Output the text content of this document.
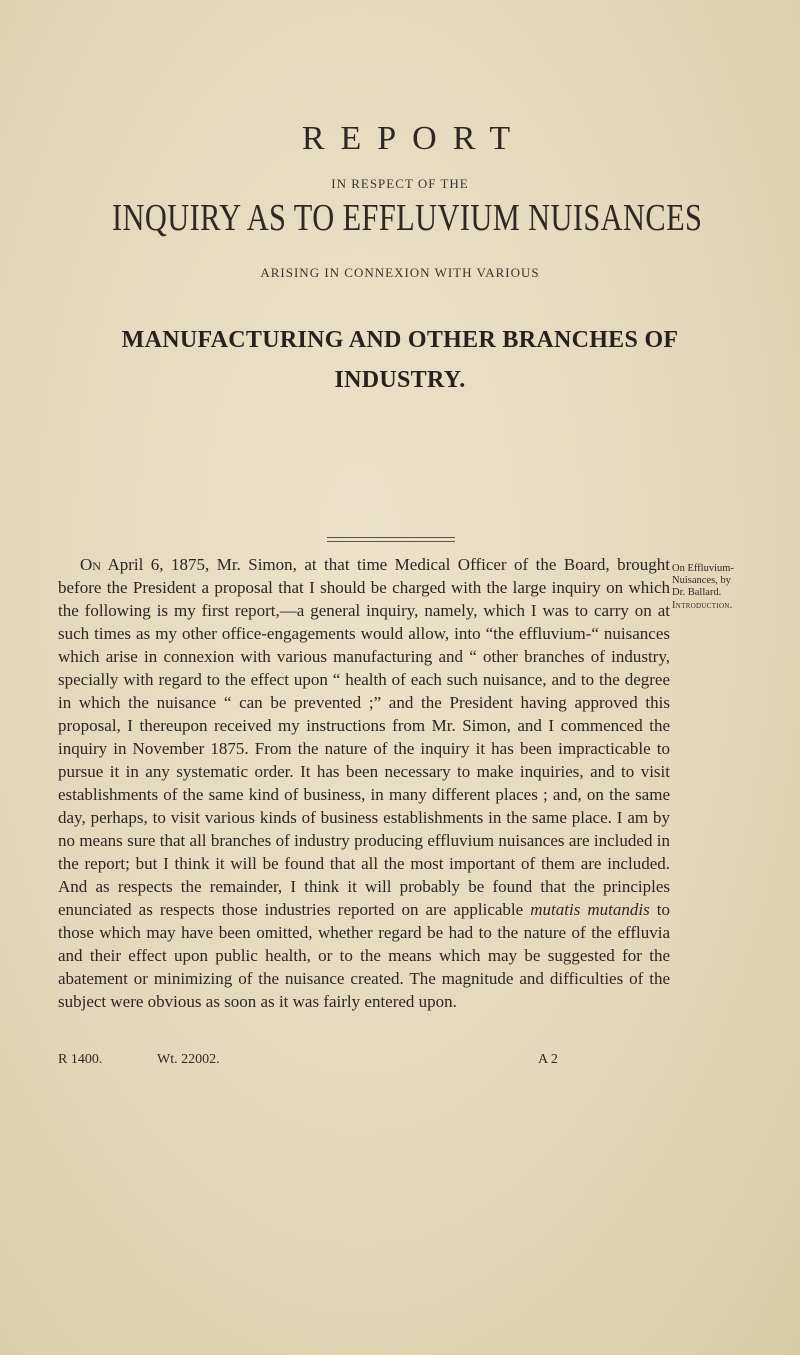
REPORT
IN RESPECT OF THE
INQUIRY AS TO EFFLUVIUM NUISANCES
ARISING IN CONNEXION WITH VARIOUS
MANUFACTURING AND OTHER BRANCHES OF
INDUSTRY.

On April 6, 1875, Mr. Simon, at that time Medical Officer of the Board, brought before the President a proposal that I should be charged with the large inquiry on which the following is my first report,—a general inquiry, namely, which I was to carry on at such times as my other office-engagements would allow, into “the effluvium-“ nuisances which arise in connexion with various manufacturing and “ other branches of industry, specially with regard to the effect upon “ health of each such nuisance, and to the degree in which the nuisance “ can be prevented ;” and the President having approved this proposal, I thereupon received my instructions from Mr. Simon, and I commenced the inquiry in November 1875. From the nature of the inquiry it has been impracticable to pursue it in any systematic order. It has been necessary to make inquiries, and to visit establishments of the same kind of business, in many different places ; and, on the same day, perhaps, to visit various kinds of business establishments in the same place. I am by no means sure that all branches of industry producing effluvium nuisances are included in the report; but I think it will be found that all the most important of them are included. And as respects the remainder, I think it will probably be found that the principles enunciated as respects those industries reported on are applicable mutatis mutandis to those which may have been omitted, whether regard be had to the nature of the effluvia and their effect upon public health, or to the means which may be suggested for the abatement or minimizing of the nuisance created. The magnitude and difficulties of the subject were obvious as soon as it was fairly entered upon.

On Effluvium-
Nuisances, by
Dr. Ballard.
Introduction.
R 1400.	Wt. 22002.	A 2
